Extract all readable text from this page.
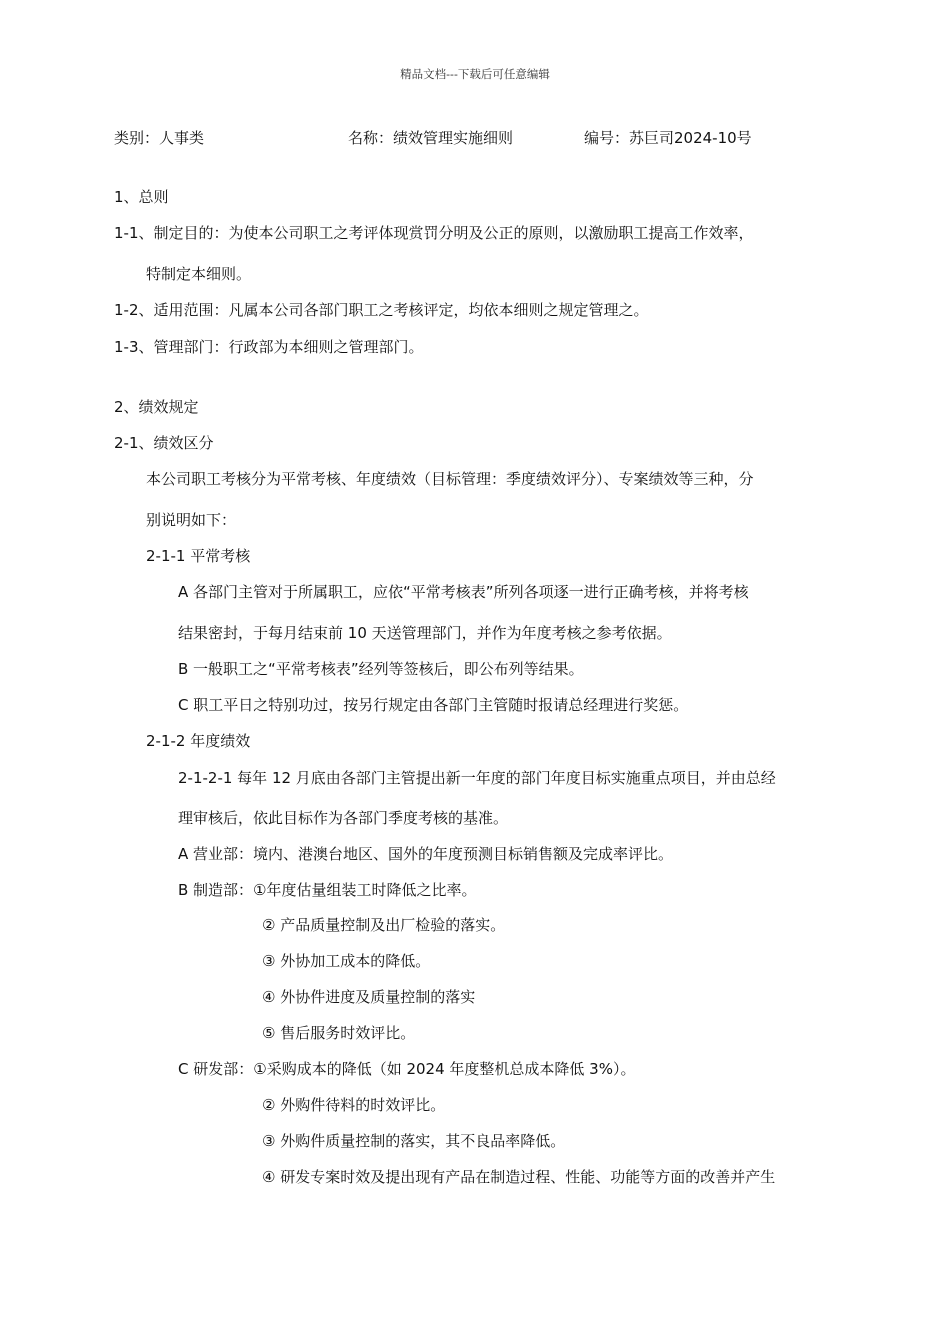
精品文档---下载后可任意编辑
类别：人事类	名称：绩效管理实施细则	编号：苏巨司2024-10号
1、总则
1-1、制定目的：为使本公司职工之考评体现赏罚分明及公正的原则，以激励职工提高工作效率，
特制定本细则。
1-2、适用范围：凡属本公司各部门职工之考核评定，均依本细则之规定管理之。
1-3、管理部门：行政部为本细则之管理部门。
2、绩效规定
2-1、绩效区分
本公司职工考核分为平常考核、年度绩效（目标管理：季度绩效评分）、专案绩效等三种，分
别说明如下：
2-1-1 平常考核
A 各部门主管对于所属职工，应依“平常考核表”所列各项逐一进行正确考核，并将考核
结果密封，于每月结束前 10 天送管理部门，并作为年度考核之参考依据。
B 一般职工之“平常考核表”经列等签核后，即公布列等结果。
C 职工平日之特别功过，按另行规定由各部门主管随时报请总经理进行奖惩。
2-1-2 年度绩效
2-1-2-1 每年 12 月底由各部门主管提出新一年度的部门年度目标实施重点项目，并由总经
理审核后，依此目标作为各部门季度考核的基准。
A 营业部：境内、港澳台地区、国外的年度预测目标销售额及完成率评比。
B 制造部：①年度估量组装工时降低之比率。
② 产品质量控制及出厂检验的落实。
③ 外协加工成本的降低。
④ 外协件进度及质量控制的落实
⑤ 售后服务时效评比。
C 研发部：①采购成本的降低（如 2024 年度整机总成本降低 3%）。
② 外购件待料的时效评比。
③ 外购件质量控制的落实，其不良品率降低。
④ 研发专案时效及提出现有产品在制造过程、性能、功能等方面的改善并产生
